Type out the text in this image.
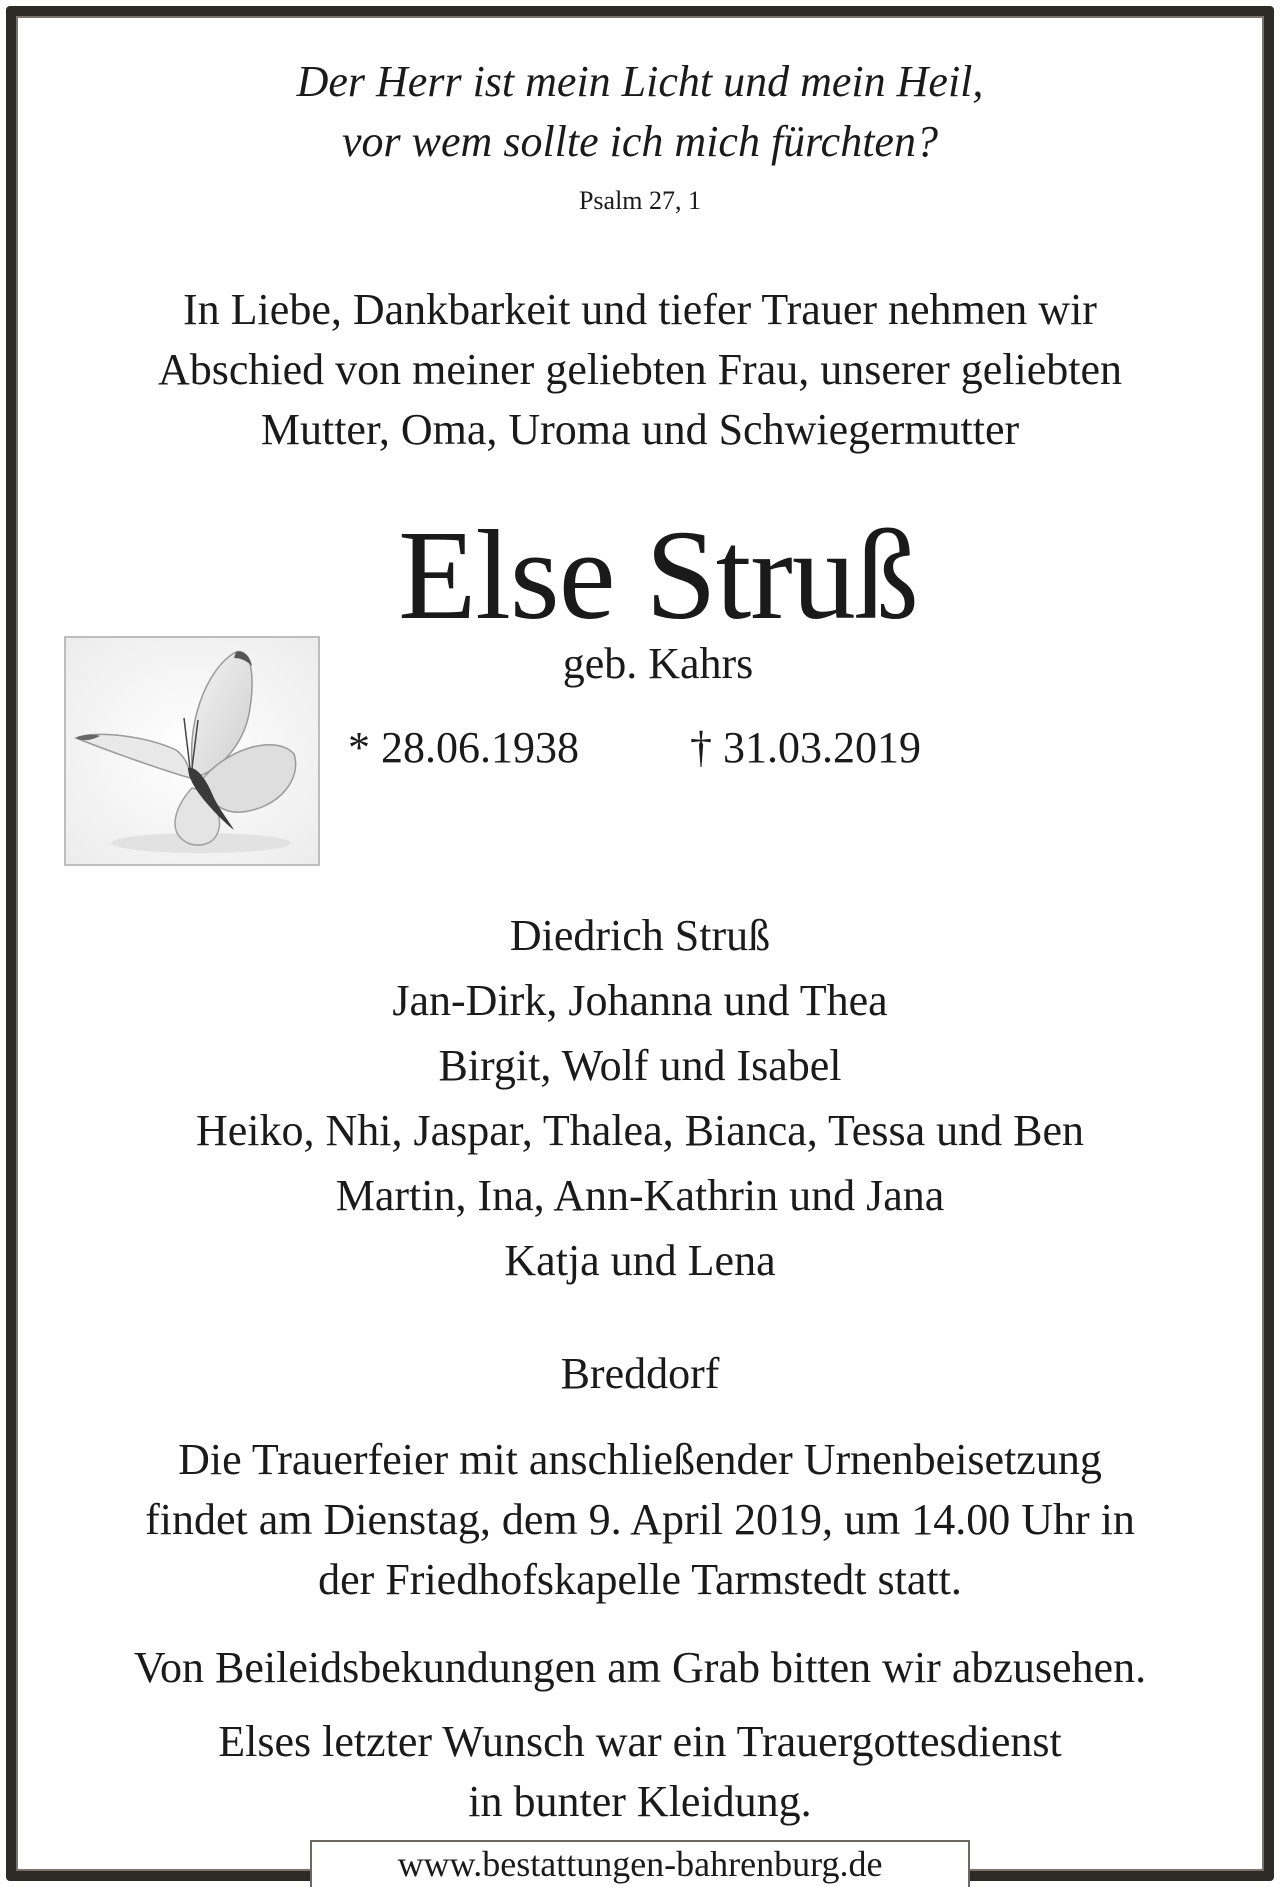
Der Herr ist mein Licht und mein Heil,
vor wem sollte ich mich fürchten?
Psalm 27, 1
In Liebe, Dankbarkeit und tiefer Trauer nehmen wir
Abschied von meiner geliebten Frau, unserer geliebten
Mutter, Oma, Uroma und Schwiegermutter
Else Struß
geb. Kahrs
* 28.06.1938	† 31.03.2019
Diedrich Struß
Jan-Dirk, Johanna und Thea
Birgit, Wolf und Isabel
Heiko, Nhi, Jaspar, Thalea, Bianca, Tessa und Ben
Martin, Ina, Ann-Kathrin und Jana
Katja und Lena
Breddorf
Die Trauerfeier mit anschließender Urnenbeisetzung
findet am Dienstag, dem 9. April 2019, um 14.00 Uhr in
der Friedhofskapelle Tarmstedt statt.
Von Beileidsbekundungen am Grab bitten wir abzusehen.
Elses letzter Wunsch war ein Trauergottesdienst
in bunter Kleidung.
www.bestattungen-bahrenburg.de
